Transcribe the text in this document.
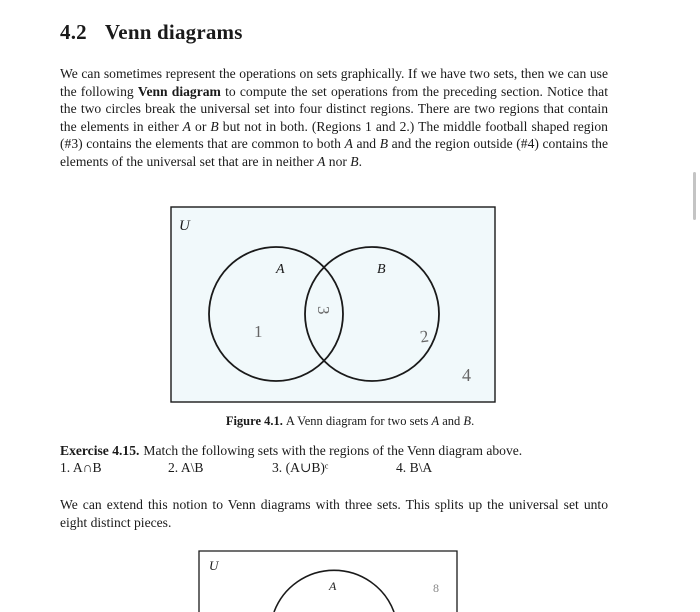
4.2 Venn diagrams
We can sometimes represent the operations on sets graphically. If we have two sets, then we can use the following Venn diagram to compute the set operations from the preceding section. Notice that the two circles break the universal set into four distinct regions. There are two regions that contain the elements in either A or B but not in both. (Regions 1 and 2.) The middle football shaped region (#3) contains the elements that are common to both A and B and the region outside (#4) contains the elements of the universal set that are in neither A nor B.
U
A	B
1	2
3
4
Figure 4.1. A Venn diagram for two sets A and B.
Exercise 4.15. Match the following sets with the regions of the Venn diagram above.
1. A∩B	2. A\B	3. (A∪B)ᶜ	4. B\A
We can extend this notion to Venn diagrams with three sets. This splits up the universal set unto eight distinct pieces.
U
A	8
